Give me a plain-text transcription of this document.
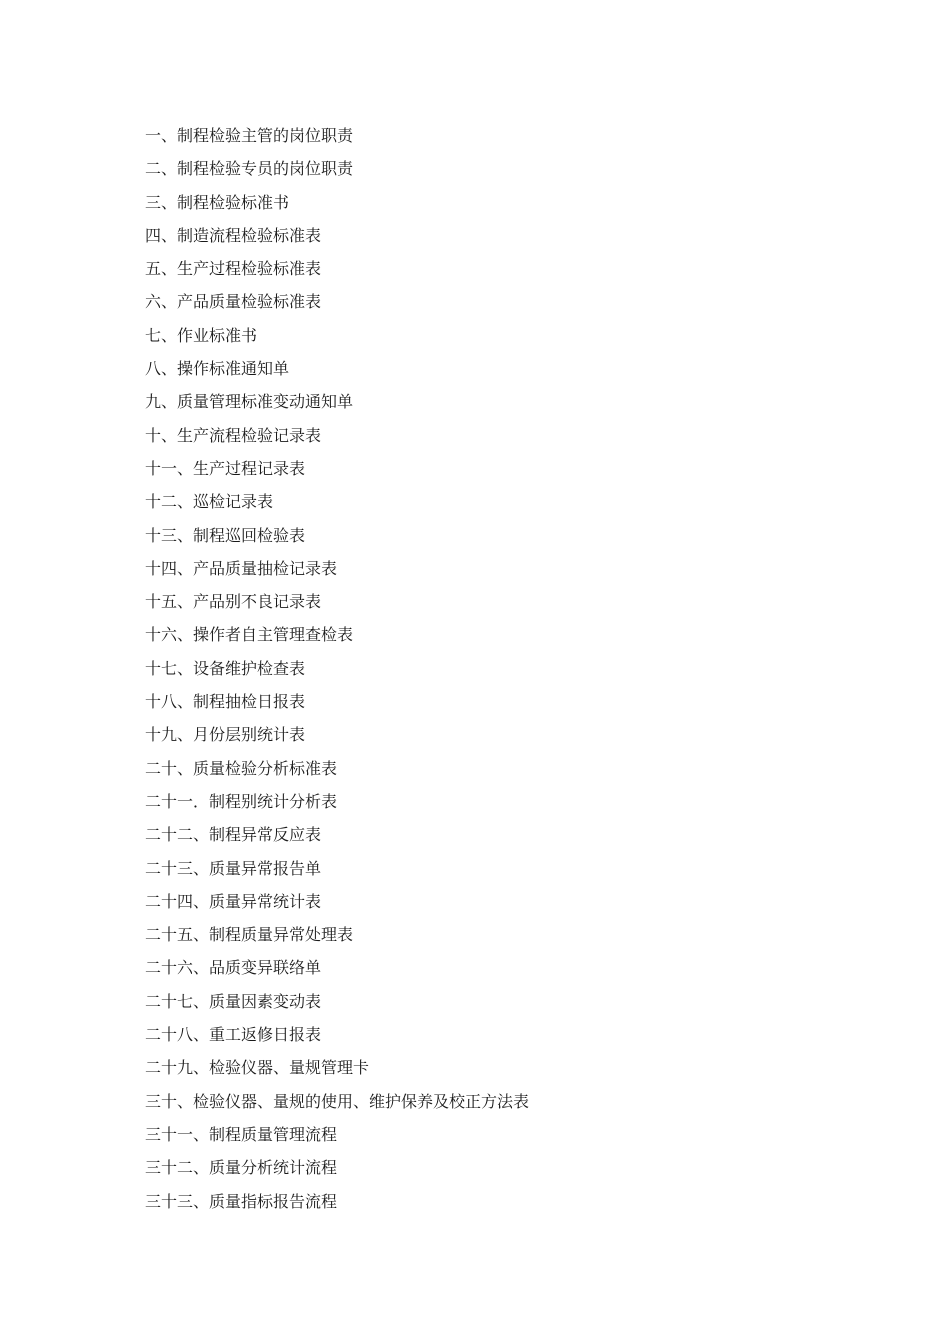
一、制程检验主管的岗位职责
二、制程检验专员的岗位职责
三、制程检验标准书
四、制造流程检验标准表
五、生产过程检验标准表
六、产品质量检验标准表
七、作业标准书
八、操作标准通知单
九、质量管理标准变动通知单
十、生产流程检验记录表
十一、生产过程记录表
十二、巡检记录表
十三、制程巡回检验表
十四、产品质量抽检记录表
十五、产品别不良记录表
十六、操作者自主管理查检表
十七、设备维护检查表
十八、制程抽检日报表
十九、月份层别统计表
二十、质量检验分析标准表
二十一．制程别统计分析表
二十二、制程异常反应表
二十三、质量异常报告单
二十四、质量异常统计表
二十五、制程质量异常处理表
二十六、品质变异联络单
二十七、质量因素变动表
二十八、重工返修日报表
二十九、检验仪器、量规管理卡
三十、检验仪器、量规的使用、维护保养及校正方法表
三十一、制程质量管理流程
三十二、质量分析统计流程
三十三、质量指标报告流程
